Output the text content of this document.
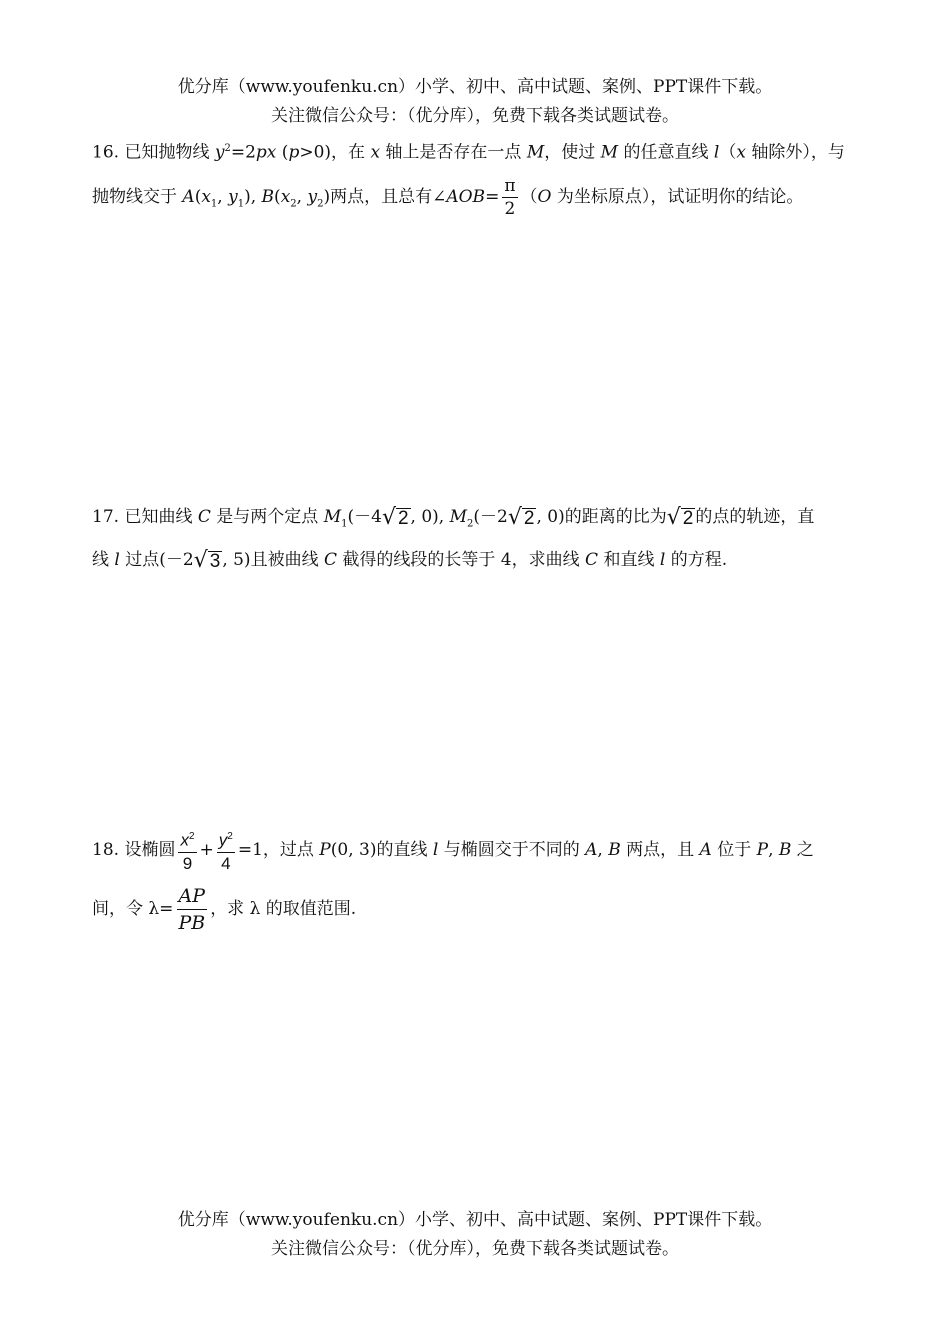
优分库（www.youfenku.cn）小学、初中、高中试题、案例、PPT课件下载。
关注微信公众号：（优分库），免费下载各类试题试卷。
16. 已知抛物线 $y^2=2px$ (p>0)，在 x 轴上是否存在一点 M，使过 M 的任意直线 l（x 轴除外），与
抛物线交于 $A(x_1$, $y_1$), $B(x_2$, $y_2$)两点，且总有∠AOB= $\frac{\pi}{2} (O$ 为坐标原点），试证明你的结论。
17. 已知曲线 C 是与两个定点 $M_1(-4$ √ 2 , 0), $M_2(-2$ √ 2 , 0)的距离的比为 √ 2 的点的轨迹，直
线 l 过点(－2 √ 3 , 5)且被曲线 C 截得的线段的长等于 4，求曲线 C 和直线 l 的方程.
18. 设椭圆 $\frac{x^2}{9} + \frac{y^2}{4} =1$，过点 P(0, 3)的直线 l 与椭圆交于不同的 A, B 两点，且 A 位于 P, B 之
间，令 $\lambda= \frac{AP}{PB}$ ，求 λ 的取值范围.
优分库（www.youfenku.cn）小学、初中、高中试题、案例、PPT课件下载。
关注微信公众号：（优分库），免费下载各类试题试卷。
